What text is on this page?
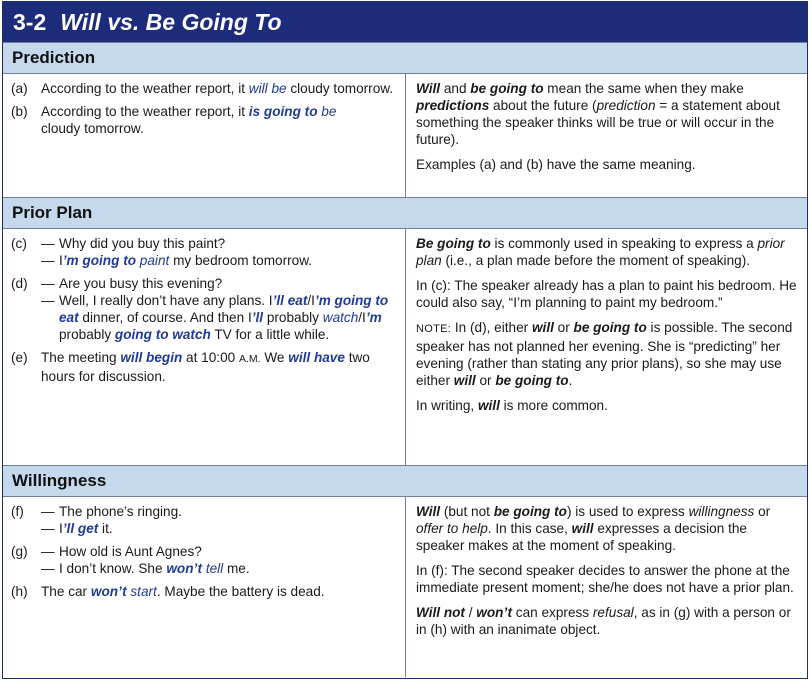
3-2 Will vs. Be Going To
Prediction
(a) According to the weather report, it will be cloudy tomorrow.
(b) According to the weather report, it is going to be
cloudy tomorrow.
Will and be going to mean the same when they make predictions about the future (prediction = a statement about something the speaker thinks will be true or will occur in the future).
Examples (a) and (b) have the same meaning.
Prior Plan
(c)	— Why did you buy this paint?
— I’m going to paint my bedroom tomorrow.
(d) — Are you busy this evening?
— Well, I really don’t have any plans. I’ll eat/I’m going to eat dinner, of course. And then I’ll probably watch/I’m probably going to watch TV for a little while.
(e) The meeting will begin at 10:00 A.M. We will have two hours for discussion.
Be going to is commonly used in speaking to express a prior plan (i.e., a plan made before the moment of speaking).
In (c): The speaker already has a plan to paint his bedroom. He could also say, “I’m planning to paint my bedroom.”
NOTE: In (d), either will or be going to is possible. The second speaker has not planned her evening. She is “predicting” her evening (rather than stating any prior plans), so she may use either will or be going to.
In writing, will is more common.
Willingness
(f)	— The phone’s ringing.
— I’ll get it.
(g) — How old is Aunt Agnes?
— I don’t know. She won’t tell me.
(h) The car won’t start. Maybe the battery is dead.
Will (but not be going to) is used to express willingness or offer to help. In this case, will expresses a decision the speaker makes at the moment of speaking.
In (f): The second speaker decides to answer the phone at the immediate present moment; she/he does not have a prior plan.
Will not / won’t can express refusal, as in (g) with a person or in (h) with an inanimate object.
